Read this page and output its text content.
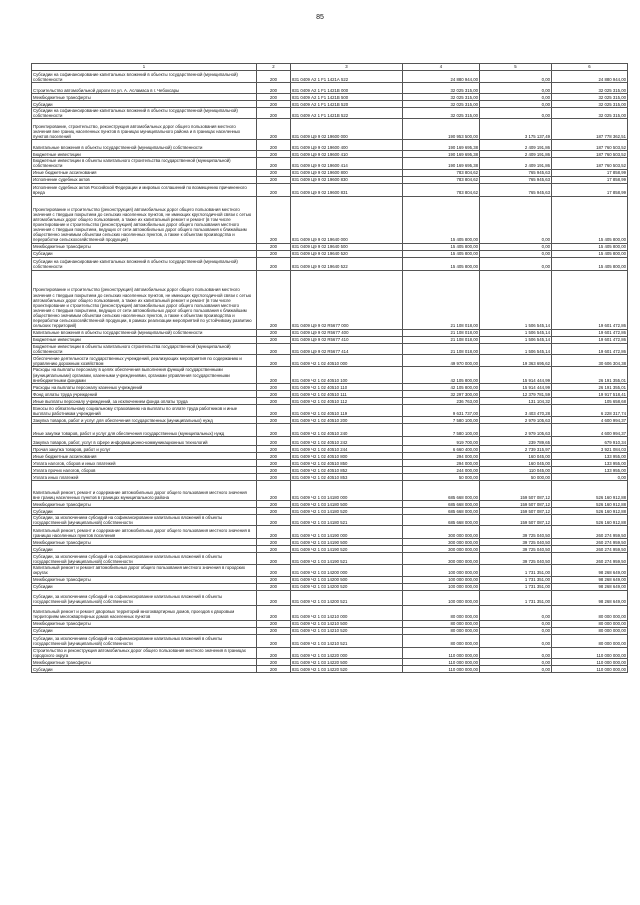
85
1	2	3	4	5	6
Субсидии на софинансирование капитальных вложений в объекты государственной (муниципальной) собственности	200	831 0409 А2 1 F1 1421А 522	24 880 944,00	0,00	24 880 944,00
Строительство автомобильной дороги по ул. А. Асламаса в г. Чебоксары	200	831 0409 А2 1 F1 1421В 000	32 025 315,00	0,00	32 025 315,00
Межбюджетные трансферты	200	831 0409 А2 1 F1 1421В 500	32 025 315,00	0,00	32 025 315,00
Субсидии	200	831 0409 А2 1 F1 1421В 520	32 025 315,00	0,00	32 025 315,00
Субсидии на софинансирование капитальных вложений в объекты государственной (муниципальной) собственности	200	831 0409 А2 1 F1 1421В 522	32 025 315,00	0,00	32 025 315,00
Проектирование, строительство, реконструкция автомобильных дорог общего пользования местного значения вне границ населенных пунктов в границах муниципального района и в границах населенных пунктов поселений	200	831 0409 Ц9 9 02 19600 000	190 953 500,00	3 175 137,49	187 778 362,51
Капитальные вложения в объекты государственной (муниципальной) собственности	200	831 0409 Ц9 9 02 19600 400	190 169 695,38	2 409 191,86	187 760 503,52
Бюджетные инвестиции	200	831 0409 Ц9 9 02 19600 410	190 169 695,38	2 409 191,86	187 760 503,52
Бюджетные инвестиции в объекты капитального строительства государственной (муниципальной) собственности	200	831 0409 Ц9 9 02 19600 414	190 169 695,38	2 409 191,86	187 760 503,52
Иные бюджетные ассигнования	200	831 0409 Ц9 9 02 19600 800	783 804,62	765 945,63	17 858,99
Исполнение судебных актов	200	831 0409 Ц9 9 02 19600 830	783 804,62	765 945,63	17 858,99
Исполнение судебных актов Российской Федерации и мировых соглашений по возмещению причиненного вреда	200	831 0409 Ц9 9 02 19600 831	783 804,62	765 945,63	17 858,99
Проектирование и строительство (реконструкция) автомобильных дорог общего пользования местного значения с твердым покрытием до сельских населенных пунктов, не имеющих круглогодичной связи с сетью автомобильных дорог общего пользования, а также их капитальный ремонт и ремонт (в том числе проектирование и строительство (реконструкция) автомобильных дорог общего пользования местного значения с твердым покрытием, ведущих от сети автомобильных дорог общего пользования к ближайшим общественно значимым объектам сельских населенных пунктов, а также к объектам производства и переработки сельскохозяйственной продукции)	200	831 0409 Ц9 9 02 19640 000	15 405 800,00	0,00	15 405 800,00
Межбюджетные трансферты	200	831 0409 Ц9 9 02 19640 500	15 405 800,00	0,00	15 405 800,00
Субсидии	200	831 0409 Ц9 9 02 19640 520	15 405 800,00	0,00	15 405 800,00
Субсидии на софинансирование капитальных вложений в объекты государственной (муниципальной) собственности	200	831 0409 Ц9 9 02 19640 522	15 405 800,00	0,00	15 405 800,00
Проектирование и строительство (реконструкция) автомобильных дорог общего пользования местного значения с твердым покрытием до сельских населенных пунктов, не имеющих круглогодичной связи с сетью автомобильных дорог общего пользования, а также их капитальный ремонт и ремонт (в том числе проектирование и строительство (реконструкция) автомобильных дорог общего пользования местного значения с твердым покрытием, ведущих от сети автомобильных дорог общего пользования к ближайшим общественно значимым объектам сельских населенных пунктов, а также к объектам производства и переработки сельскохозяйственной продукции, в рамках реализации мероприятий по устойчивому развитию сельских территорий)	200	831 0409 Ц9 9 02 R5677 000	21 108 018,00	1 506 545,14	19 601 472,86
Капитальные вложения в объекты государственной (муниципальной) собственности	200	831 0409 Ц9 9 02 R5677 400	21 108 018,00	1 506 545,14	19 601 472,86
Бюджетные инвестиции	200	831 0409 Ц9 9 02 R5677 410	21 108 018,00	1 506 545,14	19 601 472,86
Бюджетные инвестиции в объекты капитального строительства государственной (муниципальной) собственности	200	831 0409 Ц9 9 02 R5677 414	21 108 018,00	1 506 545,14	19 601 472,86
Обеспечение деятельности государственных учреждений, реализующих мероприятия по содержанию и управлению дорожным хозяйством	200	831 0409 Ч2 1 02 40510 000	49 970 000,00	19 363 695,62	30 606 304,38
Расходы на выплаты персоналу в целях обеспечения выполнения функций государственными (муниципальными) органами, казенными учреждениями, органами управления государственными внебюджетными фондами	200	831 0409 Ч2 1 02 40510 100	42 105 800,00	15 914 444,99	26 191 355,01
Расходы на выплаты персоналу казенных учреждений	200	831 0409 Ч2 1 02 40510 110	42 105 800,00	15 914 444,99	26 191 355,01
Фонд оплаты труда учреждений	200	831 0409 Ч2 1 02 40510 111	32 297 300,00	12 379 781,59	19 917 518,41
Иные выплаты персоналу учреждений, за исключением фонда оплаты труда	200	831 0409 Ч2 1 02 40510 112	236 763,00	131 104,32	105 658,68
Взносы по обязательному социальному страхованию на выплаты по оплате труда работников и иные выплаты работникам учреждений	200	831 0409 Ч2 1 02 40510 119	9 631 737,00	3 403 470,28	6 228 317,74
Закупка товаров, работ и услуг для обеспечения государственных (муниципальных) нужд	200	831 0409 Ч2 1 02 40510 200	7 580 100,00	2 979 105,63	4 600 994,37
Иные закупки товаров, работ и услуг для обеспечения государственных (муниципальных) нужд	200	831 0409 Ч2 1 02 40510 240	7 580 100,00	2 979 105,63	4 600 994,37
Закупка товаров, работ, услуг в сфере информационно-коммуникационных технологий	200	831 0409 Ч2 1 02 40510 242	919 700,00	239 789,65	679 910,34
Прочая закупка товаров, работ и услуг	200	831 0409 Ч2 1 02 40510 244	6 660 400,00	2 739 315,97	3 921 084,03
Иные бюджетные ассигнования	200	831 0409 Ч2 1 02 40510 800	294 000,00	160 045,00	133 955,00
Уплата налогов, сборов и иных платежей	200	831 0409 Ч2 1 02 40510 850	294 000,00	160 045,00	133 955,00
Уплата прочих налогов, сборов	200	831 0409 Ч2 1 02 40510 852	244 000,00	110 045,00	133 955,00
Уплата иных платежей	200	831 0409 Ч2 1 02 40510 853	50 000,00	50 000,00	0,00
Капитальный ремонт, ремонт и содержание автомобильных дорог общего пользования местного значения вне границ населенных пунктов в границах муниципального района	200	831 0409 Ч2 1 03 14180 000	685 668 000,00	159 507 087,12	526 160 912,88
Межбюджетные трансферты	200	831 0409 Ч2 1 03 14180 500	685 668 000,00	159 507 087,12	526 160 912,88
Субсидии	200	831 0409 Ч2 1 03 14180 520	685 668 000,00	159 507 087,12	526 160 912,88
Субсидии, за исключением субсидий на софинансирование капитальных вложений в объекты государственной (муниципальной) собственности	200	831 0409 Ч2 1 03 14180 521	685 668 000,00	159 507 087,12	526 160 912,88
Капитальный ремонт, ремонт и содержание автомобильных дорог общего пользования местного значения в границах населенных пунктов поселения	200	831 0409 Ч2 1 03 14190 000	300 000 000,00	39 725 040,50	260 274 959,50
Межбюджетные трансферты	200	831 0409 Ч2 1 03 14190 500	300 000 000,00	39 725 040,50	260 274 959,50
Субсидии	200	831 0409 Ч2 1 03 14190 520	300 000 000,00	39 725 040,50	260 274 959,50
Субсидии, за исключением субсидий на софинансирование капитальных вложений в объекты государственной (муниципальной) собственности	200	831 0409 Ч2 1 03 14190 521	300 000 000,00	39 725 040,50	260 274 959,50
Капитальный ремонт и ремонт автомобильных дорог общего пользования местного значения в городских округах	200	831 0409 Ч2 1 03 14200 000	100 000 000,00	1 731 351,00	98 268 649,00
Межбюджетные трансферты	200	831 0409 Ч2 1 03 14200 500	100 000 000,00	1 731 351,00	98 268 649,00
Субсидии	200	831 0409 Ч2 1 03 14200 520	100 000 000,00	1 731 351,00	98 268 649,00
Субсидии, за исключением субсидий на софинансирование капитальных вложений в объекты государственной (муниципальной) собственности	200	831 0409 Ч2 1 03 14200 521	100 000 000,00	1 731 351,00	98 268 649,00
Капитальный ремонт и ремонт дворовых территорий многоквартирных домов, проездов к дворовым территориям многоквартирных домов населенных пунктов	200	831 0409 Ч2 1 03 14210 000	80 000 000,00	0,00	80 000 000,00
Межбюджетные трансферты	200	831 0409 Ч2 1 03 14210 500	80 000 000,00	0,00	80 000 000,00
Субсидии	200	831 0409 Ч2 1 03 14210 520	80 000 000,00	0,00	80 000 000,00
Субсидии, за исключением субсидий на софинансирование капитальных вложений в объекты государственной (муниципальной) собственности	200	831 0409 Ч2 1 03 14210 521	80 000 000,00	0,00	80 000 000,00
Строительство и реконструкция автомобильных дорог общего пользования местного значения в границах городского округа	200	831 0409 Ч2 1 03 14220 000	110 000 000,00	0,00	110 000 000,00
Межбюджетные трансферты	200	831 0409 Ч2 1 03 14220 500	110 000 000,00	0,00	110 000 000,00
Субсидии	200	831 0409 Ч2 1 03 14220 520	110 000 000,00	0,00	110 000 000,00
